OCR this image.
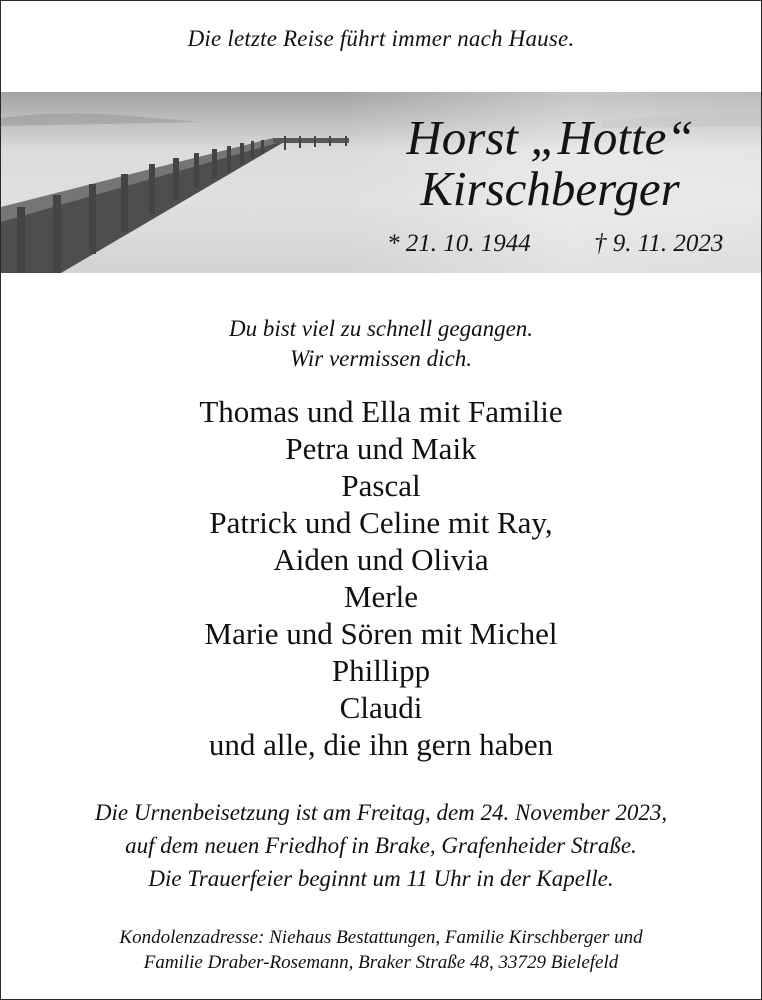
Die letzte Reise führt immer nach Hause.
Horst „Hotte“
Kirschberger
* 21. 10. 1944	† 9. 11. 2023
Du bist viel zu schnell gegangen.
Wir vermissen dich.
Thomas und Ella mit Familie
Petra und Maik
Pascal
Patrick und Celine mit Ray,
Aiden und Olivia
Merle
Marie und Sören mit Michel
Phillipp
Claudi
und alle, die ihn gern haben
Die Urnenbeisetzung ist am Freitag, dem 24. November 2023,
auf dem neuen Friedhof in Brake, Grafenheider Straße.
Die Trauerfeier beginnt um 11 Uhr in der Kapelle.
Kondolenzadresse: Niehaus Bestattungen, Familie Kirschberger und
Familie Draber-Rosemann, Braker Straße 48, 33729 Bielefeld
